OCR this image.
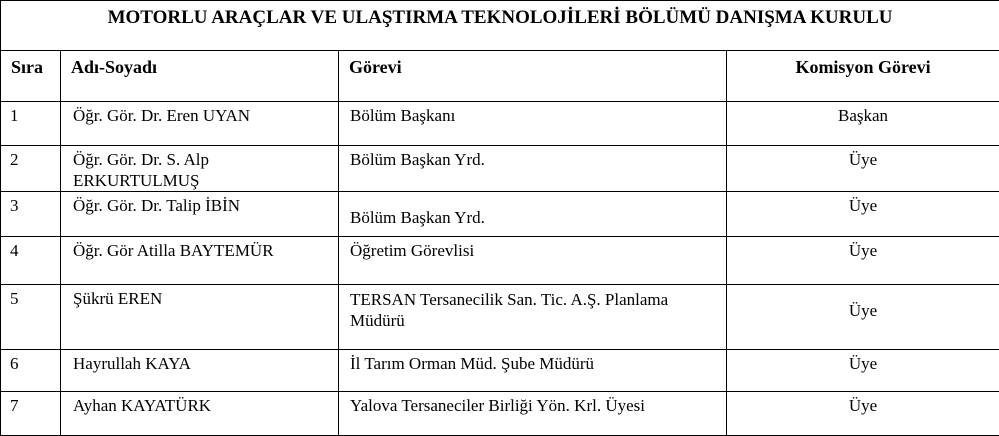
MOTORLU ARAÇLAR VE ULAŞTIRMA TEKNOLOJİLERİ BÖLÜMÜ DANIŞMA KURULU			
Sıra	Adı-Soyadı	Görevi	Komisyon Görevi
1	Öğr. Gör. Dr. Eren UYAN	Bölüm Başkanı	Başkan
2	Öğr. Gör. Dr. S. Alp ERKURTULMUŞ	Bölüm Başkan Yrd.	Üye
3	Öğr. Gör. Dr. Talip İBİN	Bölüm Başkan Yrd.	Üye
4	Öğr. Gör Atilla BAYTEMÜR	Öğretim Görevlisi	Üye
5	Şükrü EREN	TERSAN Tersanecilik San. Tic. A.Ş. Planlama Müdürü	Üye
6	Hayrullah KAYA	İl Tarım Orman Müd. Şube Müdürü	Üye
7	Ayhan KAYATÜRK	Yalova Tersaneciler Birliği Yön. Krl. Üyesi	Üye
